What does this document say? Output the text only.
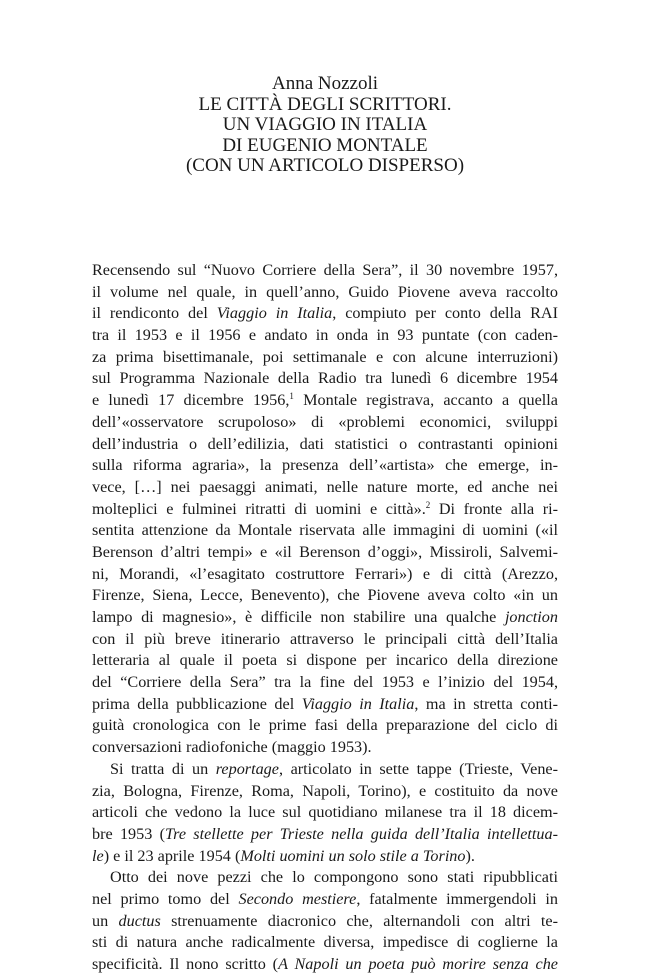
Anna Nozzoli
LE CITTÀ DEGLI SCRITTORI.
UN VIAGGIO IN ITALIA
DI EUGENIO MONTALE
(CON UN ARTICOLO DISPERSO)
Recensendo sul “Nuovo Corriere della Sera”, il 30 novembre 1957,
il volume nel quale, in quell’anno, Guido Piovene aveva raccolto
il rendiconto del Viaggio in Italia, compiuto per conto della RAI
tra il 1953 e il 1956 e andato in onda in 93 puntate (con caden-
za prima bisettimanale, poi settimanale e con alcune interruzioni)
sul Programma Nazionale della Radio tra lunedì 6 dicembre 1954
e lunedì 17 dicembre 1956,$^1$ Montale registrava, accanto a quella
dell’«osservatore scrupoloso» di «problemi economici, sviluppi
dell’industria o dell’edilizia, dati statistici o contrastanti opinioni
sulla riforma agraria», la presenza dell’«artista» che emerge, in-
vece, […] nei paesaggi animati, nelle nature morte, ed anche nei
molteplici e fulminei ritratti di uomini e città».$^2$ Di fronte alla ri-
sentita attenzione da Montale riservata alle immagini di uomini («il
Berenson d’altri tempi» e «il Berenson d’oggi», Missiroli, Salvemi-
ni, Morandi, «l’esagitato costruttore Ferrari») e di città (Arezzo,
Firenze, Siena, Lecce, Benevento), che Piovene aveva colto «in un
lampo di magnesio», è difficile non stabilire una qualche jonction
con il più breve itinerario attraverso le principali città dell’Italia
letteraria al quale il poeta si dispone per incarico della direzione
del “Corriere della Sera” tra la fine del 1953 e l’inizio del 1954,
prima della pubblicazione del Viaggio in Italia, ma in stretta conti-
guità cronologica con le prime fasi della preparazione del ciclo di
conversazioni radiofoniche (maggio 1953).
Si tratta di un reportage, articolato in sette tappe (Trieste, Vene-
zia, Bologna, Firenze, Roma, Napoli, Torino), e costituito da nove
articoli che vedono la luce sul quotidiano milanese tra il 18 dicem-
bre 1953 (Tre stellette per Trieste nella guida dell’Italia intellettua-
le) e il 23 aprile 1954 (Molti uomini un solo stile a Torino).
Otto dei nove pezzi che lo compongono sono stati ripubblicati
nel primo tomo del Secondo mestiere, fatalmente immergendoli in
un ductus strenuamente diacronico che, alternandoli con altri te-
sti di natura anche radicalmente diversa, impedisce di coglierne la
specificità. Il nono scritto (A Napoli un poeta può morire senza che
